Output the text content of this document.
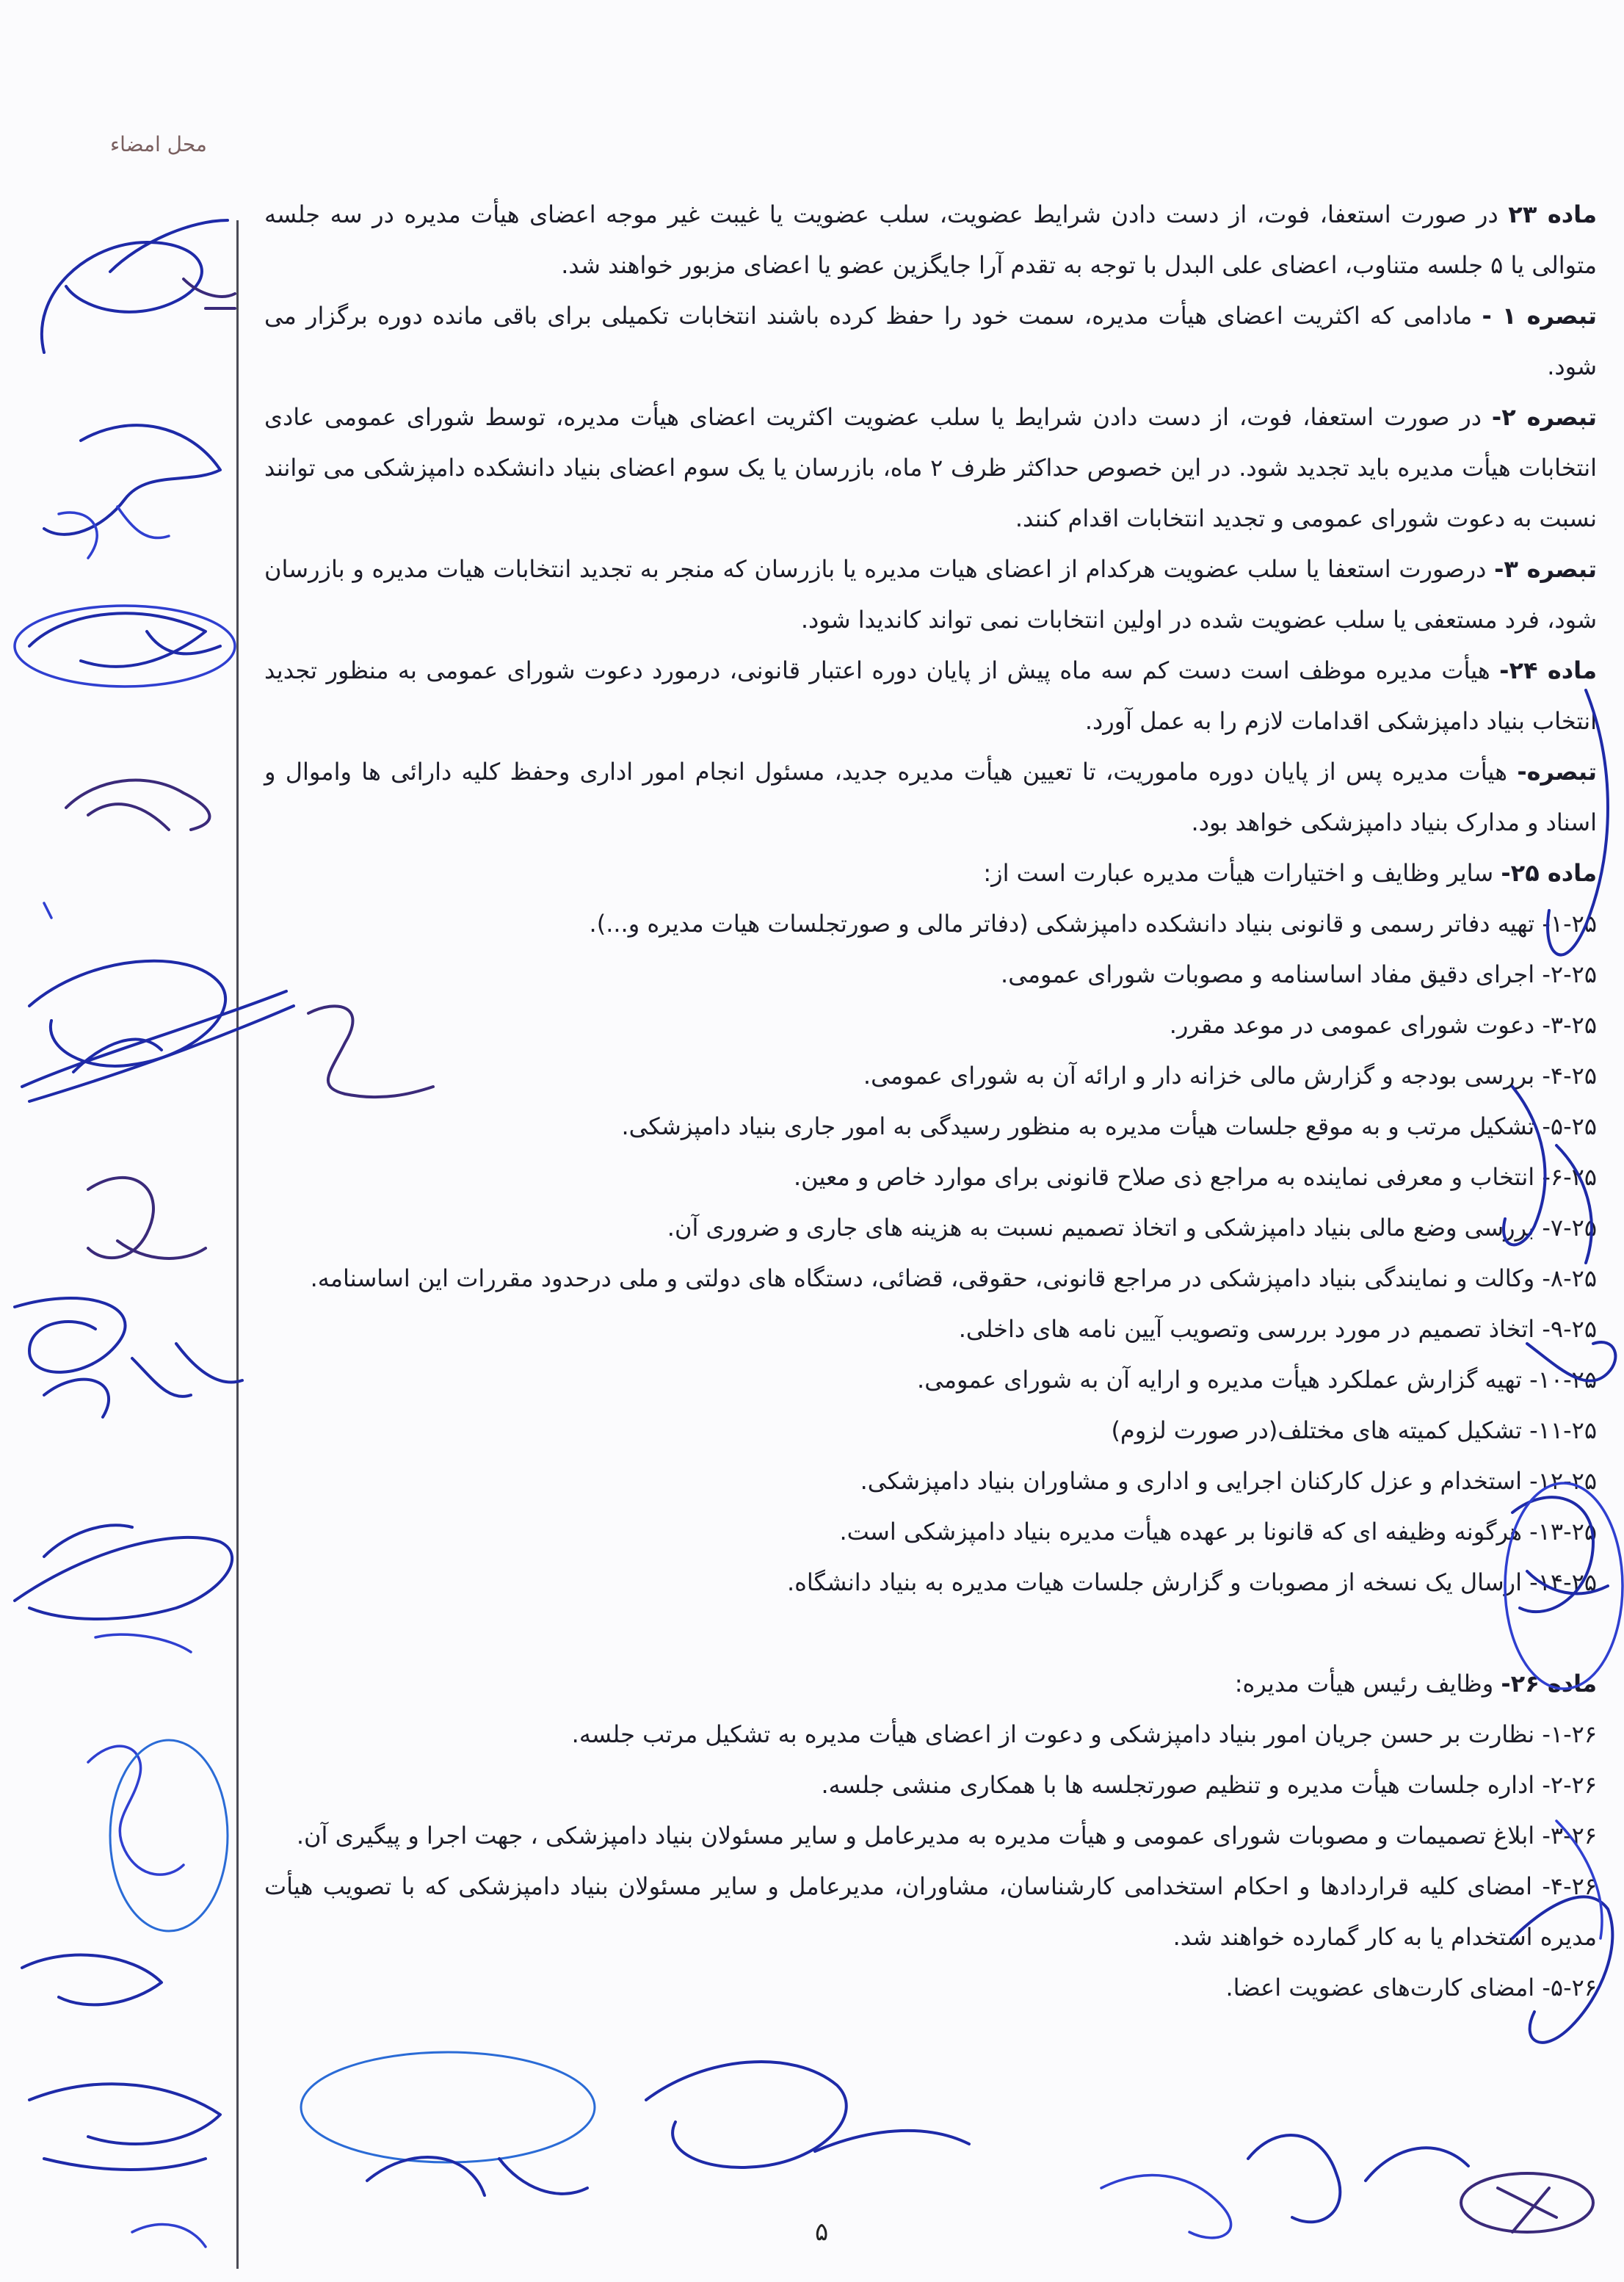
محل امضاء

ماده ۲۳ در صورت استعفا، فوت، از دست دادن شرایط عضویت، سلب عضویت یا غیبت غیر موجه اعضای هیأت مدیره در سه جلسه متوالی یا ۵ جلسه متناوب، اعضای علی البدل با توجه به تقدم آرا جایگزین عضو یا اعضای مزبور خواهند شد.

تبصره ۱ - مادامی که اکثریت اعضای هیأت مدیره، سمت خود را حفظ کرده باشند انتخابات تکمیلی برای باقی مانده دوره برگزار می شود.

تبصره ۲- در صورت استعفا، فوت، از دست دادن شرایط یا سلب عضویت اکثریت اعضای هیأت مدیره، توسط شورای عمومی عادی انتخابات هیأت مدیره باید تجدید شود. در این خصوص حداکثر ظرف ۲ ماه، بازرسان یا یک سوم اعضای بنیاد دانشکده دامپزشکی می توانند نسبت به دعوت شورای عمومی و تجدید انتخابات اقدام کنند.

تبصره ۳- درصورت استعفا یا سلب عضویت هرکدام از اعضای هیات مدیره یا بازرسان که منجر به تجدید انتخابات هیات مدیره و بازرسان شود، فرد مستعفی یا سلب عضویت شده در اولین انتخابات نمی تواند کاندیدا شود.

ماده ۲۴- هیأت مدیره موظف است دست کم سه ماه پیش از پایان دوره اعتبار قانونی، درمورد دعوت شورای عمومی به منظور تجدید انتخاب بنیاد دامپزشکی اقدامات لازم را به عمل آورد.

تبصره- هیأت مدیره پس از پایان دوره ماموریت، تا تعیین هیأت مدیره جدید، مسئول انجام امور اداری وحفظ کلیه دارائی ها واموال و اسناد و مدارک بنیاد دامپزشکی خواهد بود.

ماده ۲۵- سایر وظایف و اختیارات هیأت مدیره عبارت است از:

۱-۲۵- تهیه دفاتر رسمی و قانونی بنیاد دانشکده دامپزشکی (دفاتر مالی و صورتجلسات هیات مدیره و...).

۲-۲۵- اجرای دقیق مفاد اساسنامه و مصوبات شورای عمومی.

۳-۲۵- دعوت شورای عمومی در موعد مقرر.

۴-۲۵- بررسی بودجه و گزارش مالی خزانه دار و ارائه آن به شورای عمومی.

۵-۲۵- تشکیل مرتب و به موقع جلسات هیأت مدیره به منظور رسیدگی به امور جاری بنیاد دامپزشکی.

۶-۲۵- انتخاب و معرفی نماینده به مراجع ذی صلاح قانونی برای موارد خاص و معین.

۷-۲۵- بررسی وضع مالی بنیاد دامپزشکی و اتخاذ تصمیم نسبت به هزینه های جاری و ضروری آن.

۸-۲۵- وکالت و نمایندگی بنیاد دامپزشکی در مراجع قانونی، حقوقی، قضائی، دستگاه های دولتی و ملی درحدود مقررات این اساسنامه.

۹-۲۵- اتخاذ تصمیم در مورد بررسی وتصویب آیین نامه های داخلی.

۱۰-۲۵- تهیه گزارش عملکرد هیأت مدیره و ارایه آن به شورای عمومی.

۱۱-۲۵- تشکیل کمیته های مختلف(در صورت لزوم)

۱۲-۲۵- استخدام و عزل کارکنان اجرایی و اداری و مشاوران بنیاد دامپزشکی.

۱۳-۲۵- هرگونه وظیفه ای که قانونا بر عهده هیأت مدیره بنیاد دامپزشکی است.

۱۴-۲۵- ارسال یک نسخه از مصوبات و گزارش جلسات هیات مدیره به بنیاد دانشگاه.

ماده ۲۶- وظایف رئیس هیأت مدیره:

۱-۲۶- نظارت بر حسن جریان امور بنیاد دامپزشکی و دعوت از اعضای هیأت مدیره به تشکیل مرتب جلسه.

۲-۲۶- اداره جلسات هیأت مدیره و تنظیم صورتجلسه ها با همکاری منشی جلسه.

۳-۲۶- ابلاغ تصمیمات و مصوبات شورای عمومی و هیأت مدیره به مدیرعامل و سایر مسئولان بنیاد دامپزشکی ، جهت اجرا و پیگیری آن.

۴-۲۶- امضای کلیه قراردادها و احکام استخدامی کارشناسان، مشاوران، مدیرعامل و سایر مسئولان بنیاد دامپزشکی که با تصویب هیأت مدیره استخدام یا به کار گمارده خواهند شد.

۵-۲۶- امضای کارت‌های عضویت اعضا.

۵
